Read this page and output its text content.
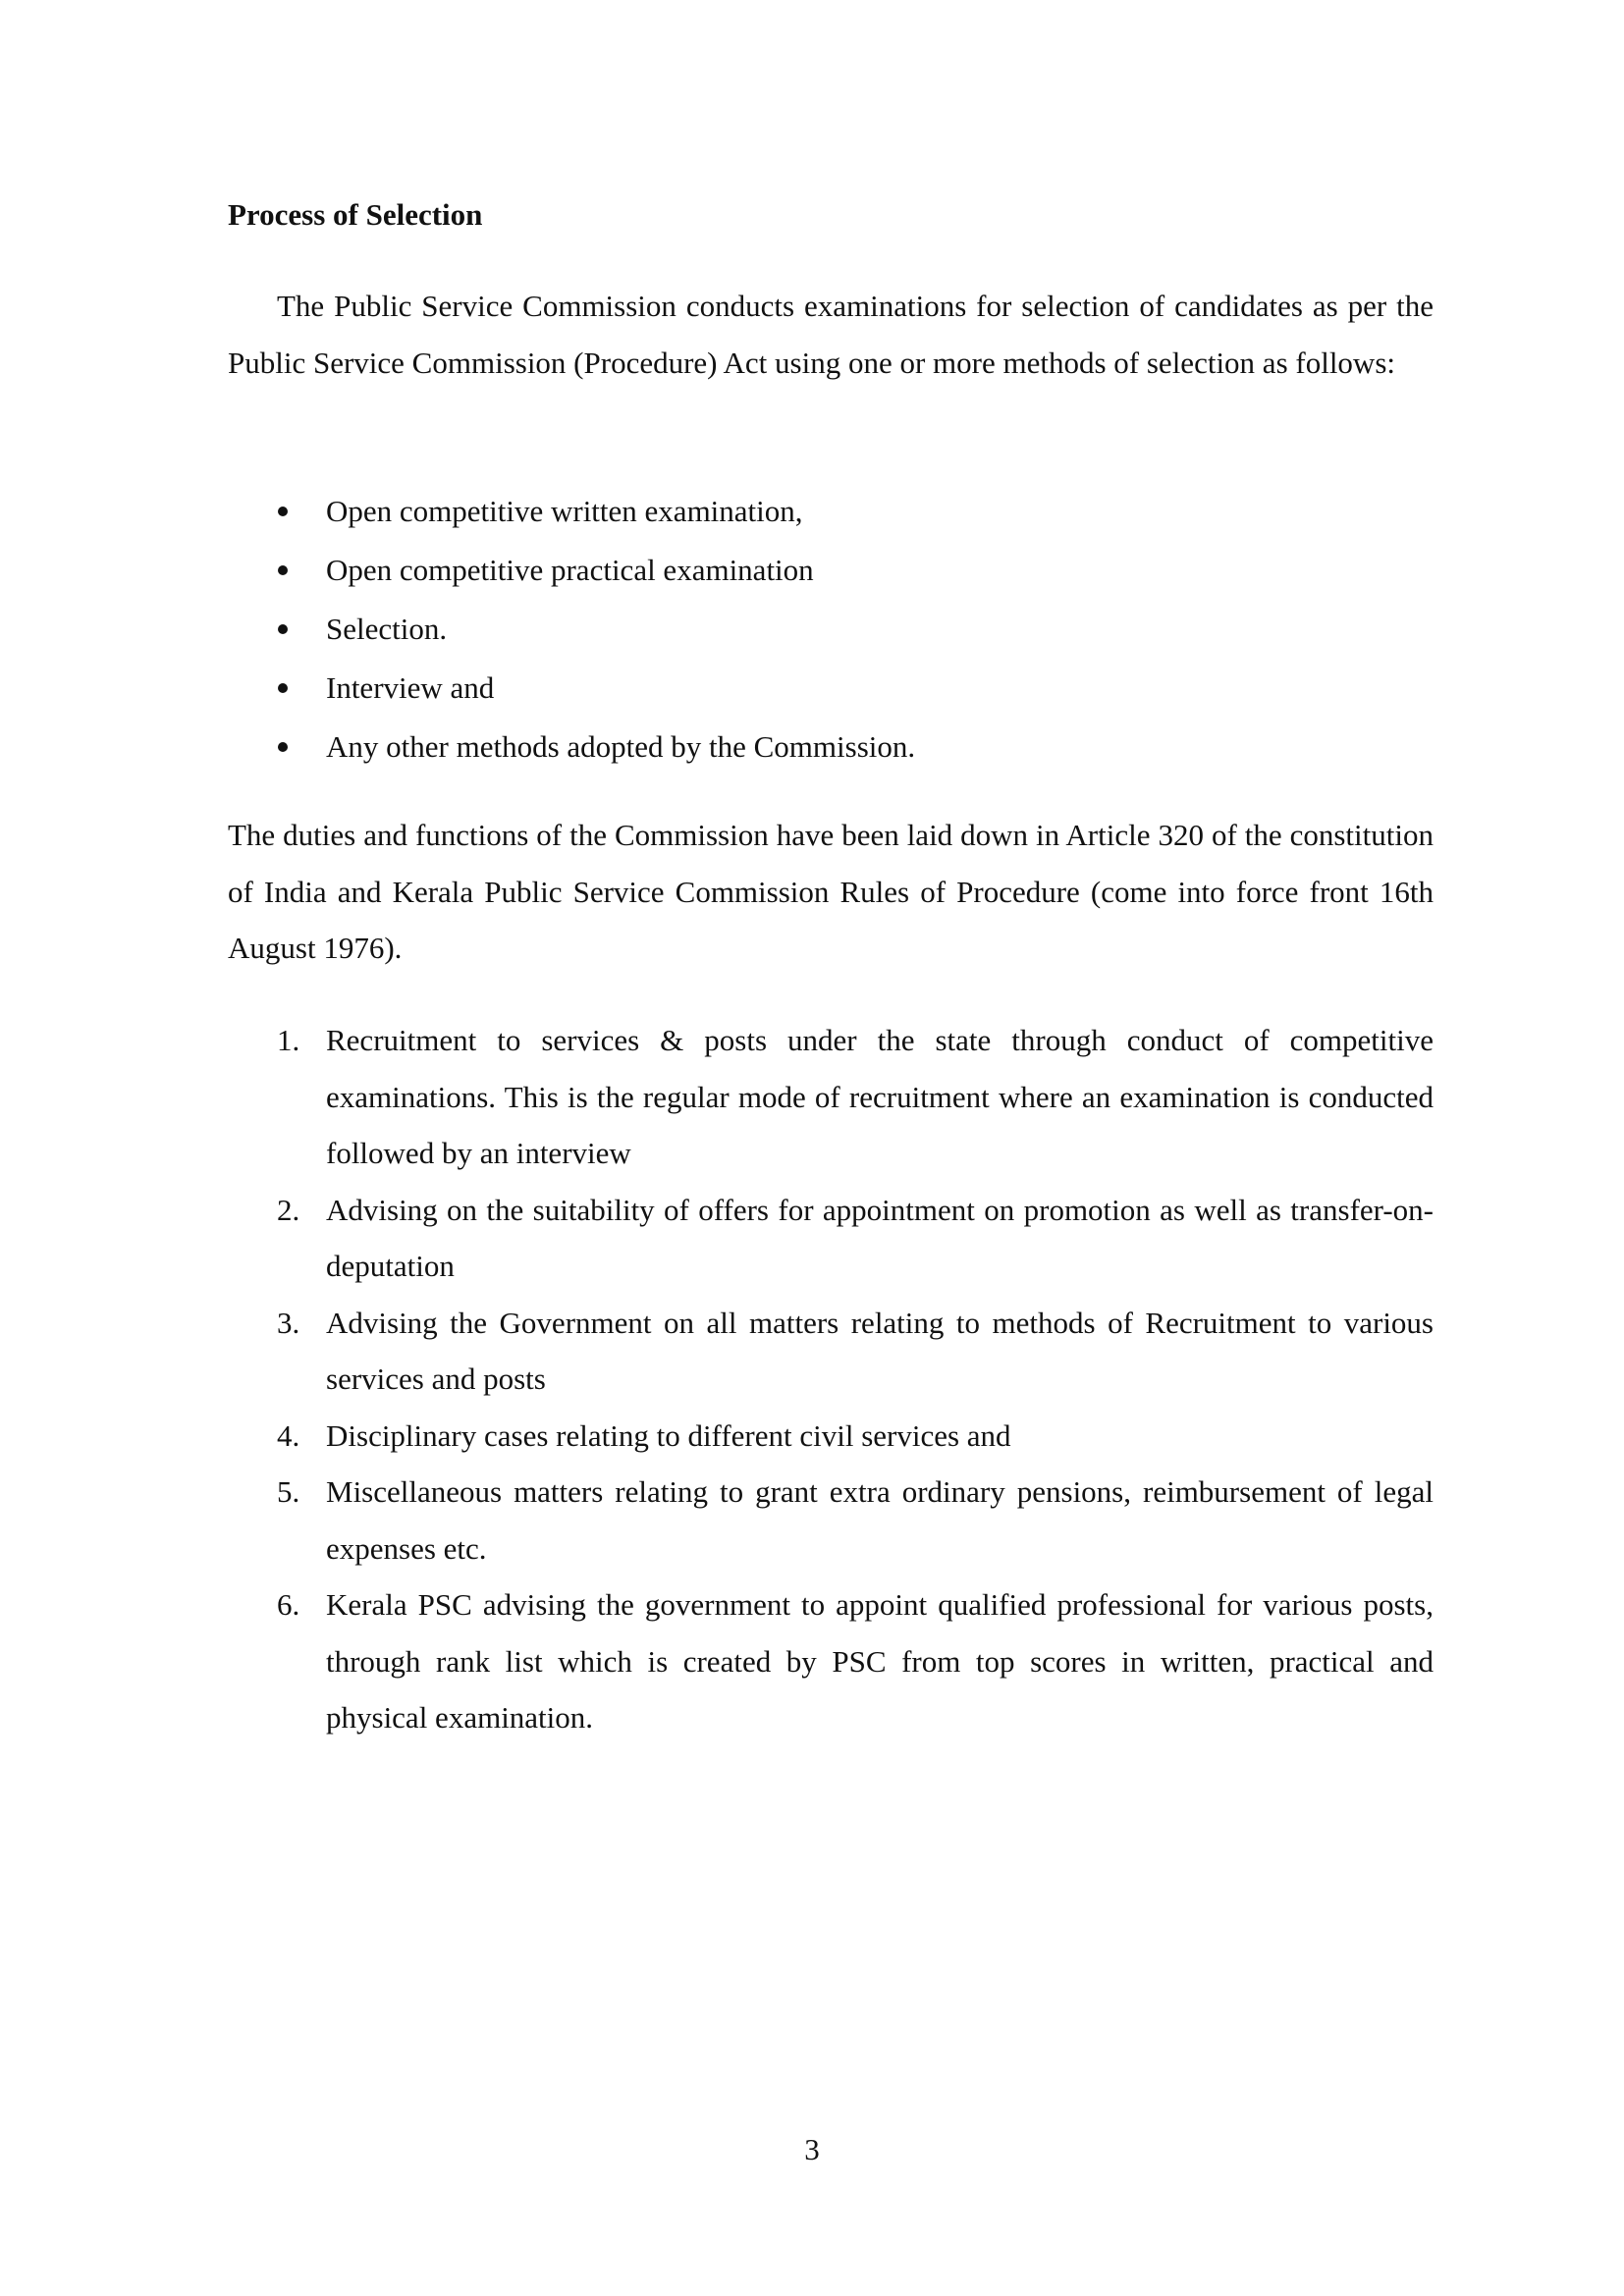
Process of Selection

The Public Service Commission conducts examinations for selection of candidates as per the Public Service Commission (Procedure) Act using one or more methods of selection as follows:

Open competitive written examination,
Open competitive practical examination
Selection.
Interview and
Any other methods adopted by the Commission.

The duties and functions of the Commission have been laid down in Article 320 of the constitution of India and Kerala Public Service Commission Rules of Procedure (come into force front 16th August 1976).

1. Recruitment to services & posts under the state through conduct of competitive examinations. This is the regular mode of recruitment where an examination is conducted followed by an interview
2. Advising on the suitability of offers for appointment on promotion as well as transfer-on-deputation
3. Advising the Government on all matters relating to methods of Recruitment to various services and posts
4. Disciplinary cases relating to different civil services and
5. Miscellaneous matters relating to grant extra ordinary pensions, reimbursement of legal expenses etc.
6. Kerala PSC advising the government to appoint qualified professional for various posts, through rank list which is created by PSC from top scores in written, practical and physical examination.
3
